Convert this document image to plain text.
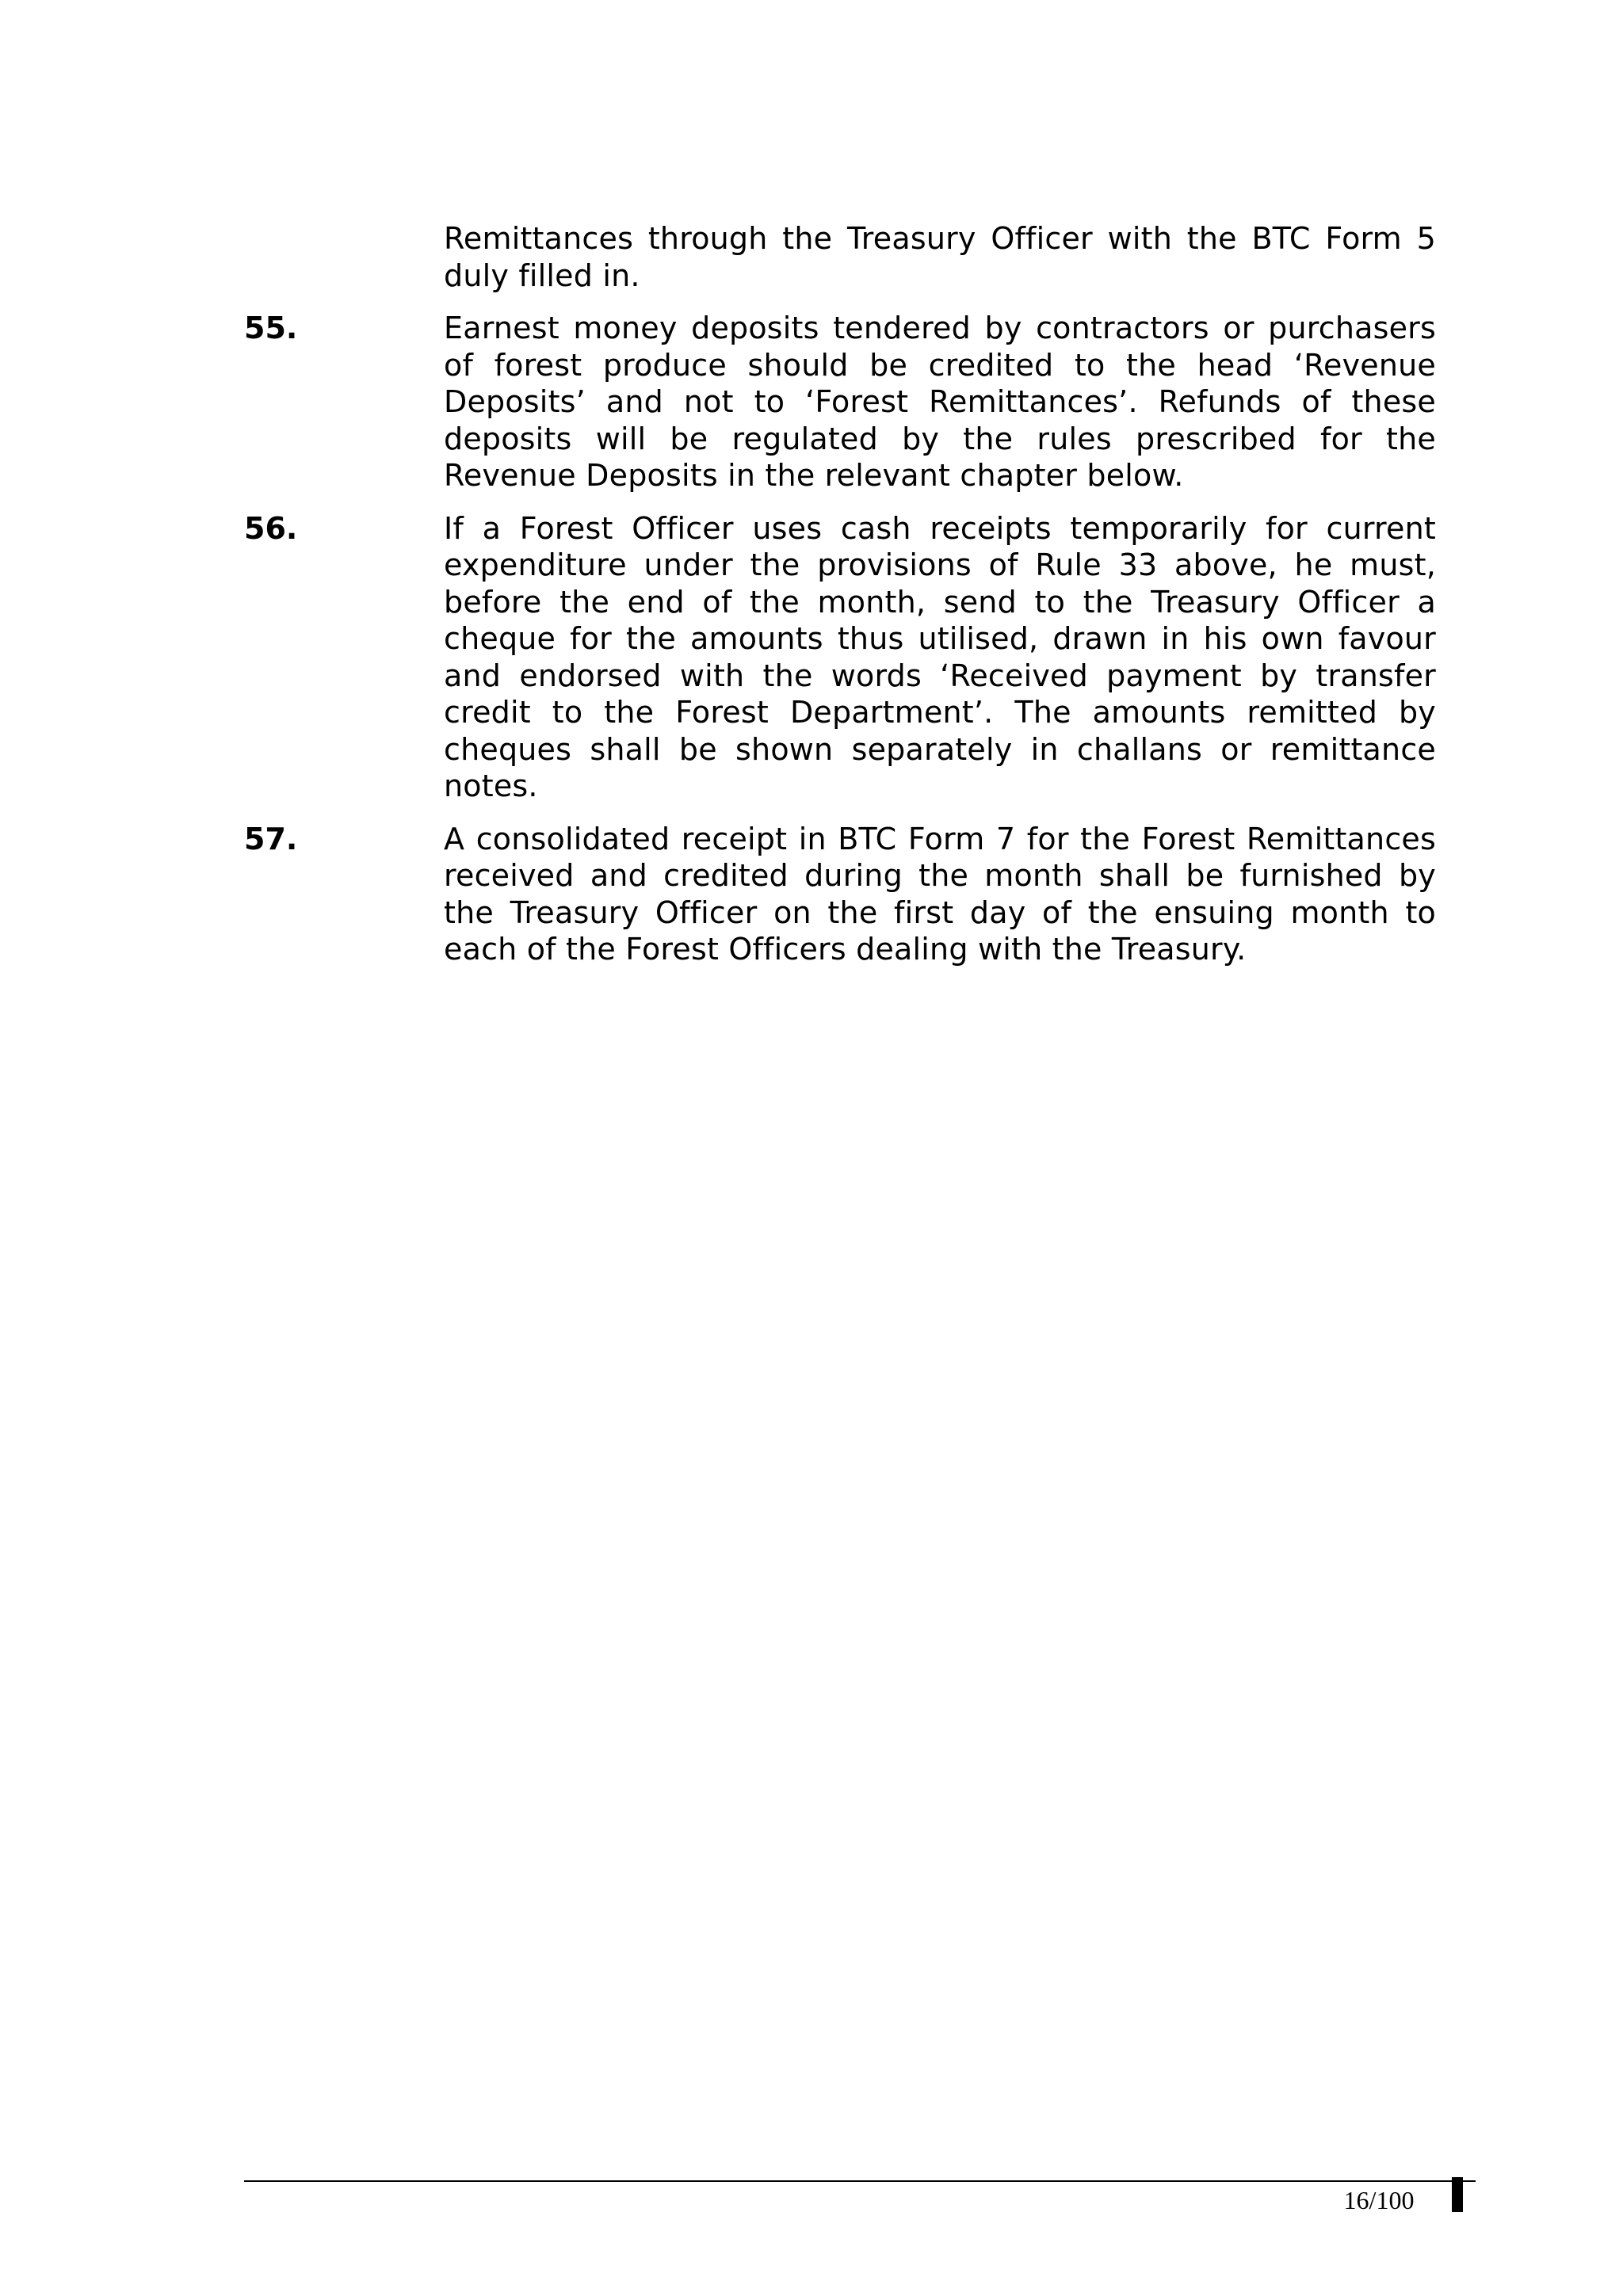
Remittances through the Treasury Officer with the BTC Form 5 duly filled in.
55.	Earnest money deposits tendered by contractors or purchasers of forest produce should be credited to the head ‘Revenue Deposits’ and not to ‘Forest Remittances’. Refunds of these deposits will be regulated by the rules prescribed for the Revenue Deposits in the relevant chapter below.
56.	If a Forest Officer uses cash receipts temporarily for current expenditure under the provisions of Rule 33 above, he must, before the end of the month, send to the Treasury Officer a cheque for the amounts thus utilised, drawn in his own favour and endorsed with the words ‘Received payment by transfer credit to the Forest Department’. The amounts remitted by cheques shall be shown separately in challans or remittance notes.
57.	A consolidated receipt in BTC Form 7 for the Forest Remittances received and credited during the month shall be furnished by the Treasury Officer on the first day of the ensuing month to each of the Forest Officers dealing with the Treasury.
16/100
